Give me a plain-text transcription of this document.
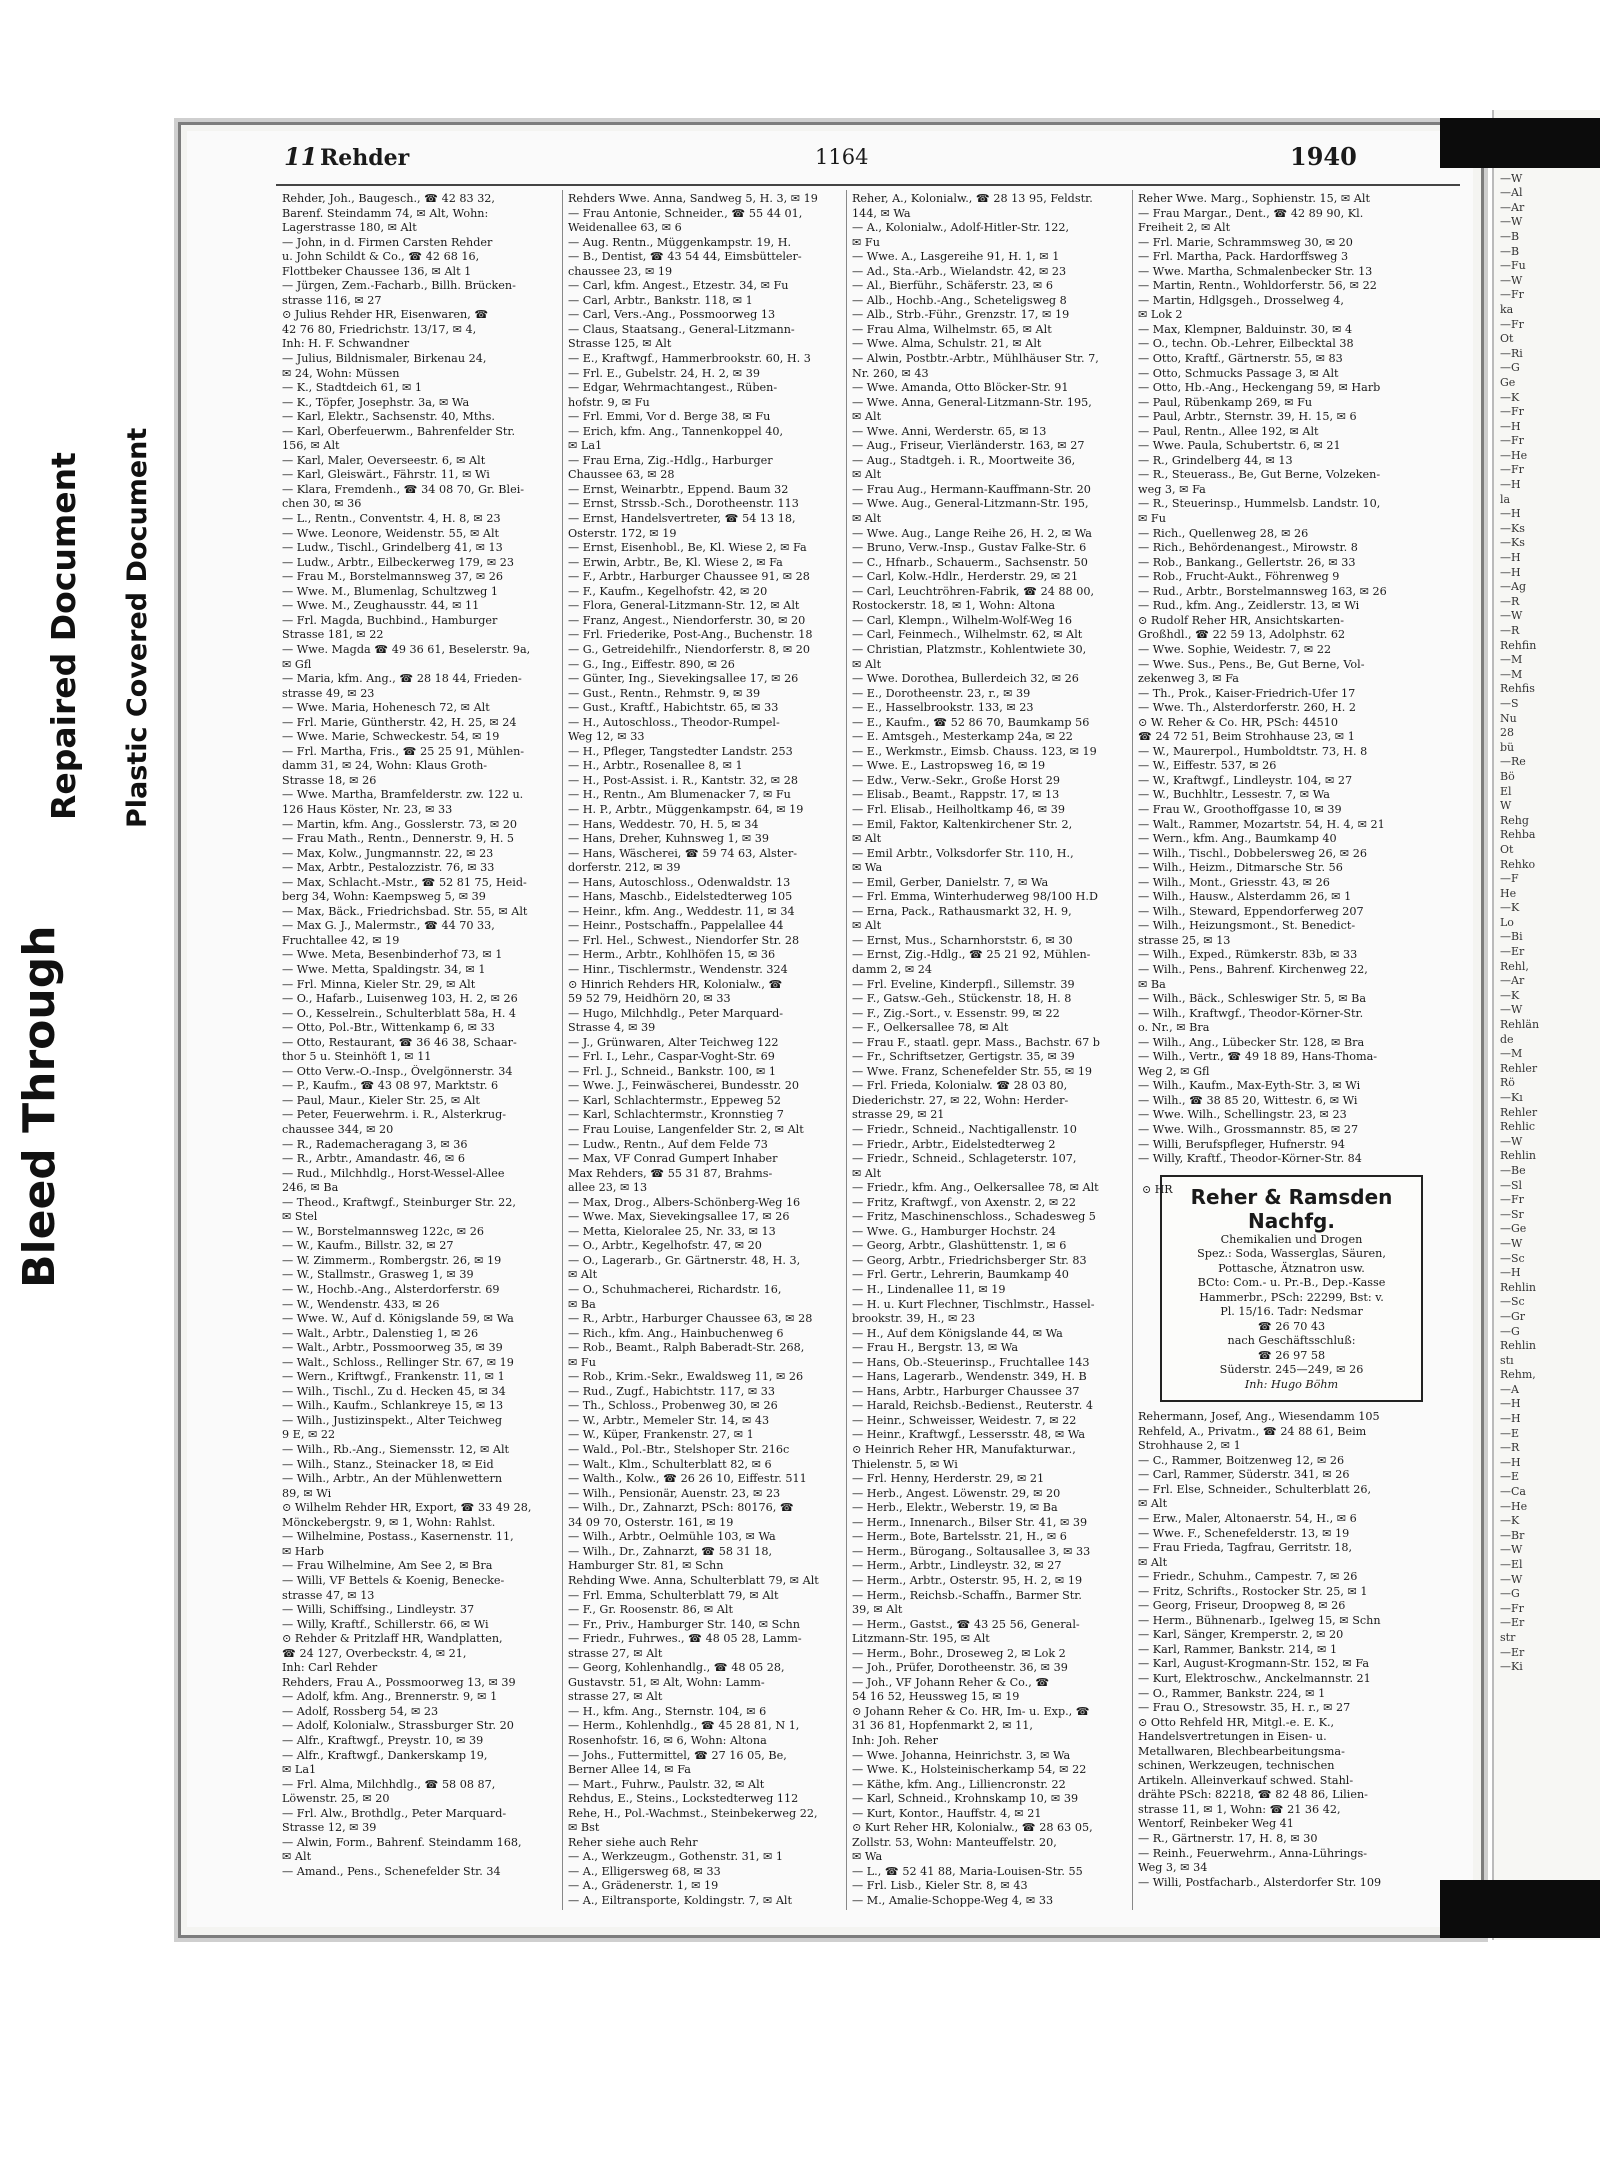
Bleed Through
Repaired Document Plastic Covered Document
—W
—Al
—Ar
—W
—B
—B
—Fu
—W
—Fr
ka
—Fr
Ot
—Ri
—G
Ge
—K
—Fr
—H
—Fr
—He
—Fr
—H
la
—H
—Ks
—Ks
—H
—H
—Ag
—R
—W
—R
Rehfin
—M
—M
Rehfis
—S
Nu
28
bü
—Re
Bö
El
W
Rehg
Rehba
Ot
Rehko
—F
He
—K
Lo
—Bi
—Er
Rehl,
—Ar
—K
—W
Rehlän
de
—M
Rehler
Rö
—Kı
Rehler
Rehlic
—W
Rehlin
—Be
—Sl
—Fr
—Sr
—Ge
—W
—Sc
—H
Rehlin
—Sc
—Gr
—G
Rehlin
stı
Rehm,
—A
—H
—H
—E
—R
—H
—E
—Ca
—He
—K
—Br
—W
—El
—W
—G
—Fr
—Er
str
—Er
—Ki
11 Rehder	1164	1940
Rehder, Joh., Baugesch., ☎ 42 83 32,
Barenf. Steindamm 74, ✉ Alt, Wohn:
Lagerstrasse 180, ✉ Alt
— John, in d. Firmen Carsten Rehder
u. John Schildt & Co., ☎ 42 68 16,
Flottbeker Chaussee 136, ✉ Alt 1
— Jürgen, Zem.-Facharb., Billh. Brücken-
strasse 116, ✉ 27
⊙ Julius Rehder HR, Eisenwaren, ☎
42 76 80, Friedrichstr. 13/17, ✉ 4,
Inh: H. F. Schwandner
— Julius, Bildnismaler, Birkenau 24,
✉ 24, Wohn: Müssen
— K., Stadtdeich 61, ✉ 1
— K., Töpfer, Josephstr. 3a, ✉ Wa
— Karl, Elektr., Sachsenstr. 40, Mths.
— Karl, Oberfeuerwm., Bahrenfelder Str.
156, ✉ Alt
— Karl, Maler, Oeverseestr. 6, ✉ Alt
— Karl, Gleiswärt., Fährstr. 11, ✉ Wi
— Klara, Fremdenh., ☎ 34 08 70, Gr. Blei-
chen 30, ✉ 36
— L., Rentn., Conventstr. 4, H. 8, ✉ 23
— Wwe. Leonore, Weidenstr. 55, ✉ Alt
— Ludw., Tischl., Grindelberg 41, ✉ 13
— Ludw., Arbtr., Eilbeckerweg 179, ✉ 23
— Frau M., Borstelmannsweg 37, ✉ 26
— Wwe. M., Blumenlag, Schultzweg 1
— Wwe. M., Zeughausstr. 44, ✉ 11
— Frl. Magda, Buchbind., Hamburger
Strasse 181, ✉ 22
— Wwe. Magda ☎ 49 36 61, Beselerstr. 9a,
✉ Gfl
— Maria, kfm. Ang., ☎ 28 18 44, Frieden-
strasse 49, ✉ 23
— Wwe. Maria, Hohenesch 72, ✉ Alt
— Frl. Marie, Güntherstr. 42, H. 25, ✉ 24
— Wwe. Marie, Schweckestr. 54, ✉ 19
— Frl. Martha, Fris., ☎ 25 25 91, Mühlen-
damm 31, ✉ 24, Wohn: Klaus Groth-
Strasse 18, ✉ 26
— Wwe. Martha, Bramfelderstr. zw. 122 u.
126 Haus Köster, Nr. 23, ✉ 33
— Martin, kfm. Ang., Gosslerstr. 73, ✉ 20
— Frau Math., Rentn., Dennerstr. 9, H. 5
— Max, Kolw., Jungmannstr. 22, ✉ 23
— Max, Arbtr., Pestalozzistr. 76, ✉ 33
— Max, Schlacht.-Mstr., ☎ 52 81 75, Heid-
berg 34, Wohn: Kaempsweg 5, ✉ 39
— Max, Bäck., Friedrichsbad. Str. 55, ✉ Alt
— Max G. J., Malermstr., ☎ 44 70 33,
Fruchtallee 42, ✉ 19
— Wwe. Meta, Besenbinderhof 73, ✉ 1
— Wwe. Metta, Spaldingstr. 34, ✉ 1
— Frl. Minna, Kieler Str. 29, ✉ Alt
— O., Hafarb., Luisenweg 103, H. 2, ✉ 26
— O., Kesselrein., Schulterblatt 58a, H. 4
— Otto, Pol.-Btr., Wittenkamp 6, ✉ 33
— Otto, Restaurant, ☎ 36 46 38, Schaar-
thor 5 u. Steinhöft 1, ✉ 11
— Otto Verw.-O.-Insp., Övelgönnerstr. 34
— P., Kaufm., ☎ 43 08 97, Marktstr. 6
— Paul, Maur., Kieler Str. 25, ✉ Alt
— Peter, Feuerwehrm. i. R., Alsterkrug-
chaussee 344, ✉ 20
— R., Rademacheragang 3, ✉ 36
— R., Arbtr., Amandastr. 46, ✉ 6
— Rud., Milchhdlg., Horst-Wessel-Allee
246, ✉ Ba
— Theod., Kraftwgf., Steinburger Str. 22,
✉ Stel
— W., Borstelmannsweg 122c, ✉ 26
— W., Kaufm., Billstr. 32, ✉ 27
— W. Zimmerm., Rombergstr. 26, ✉ 19
— W., Stallmstr., Grasweg 1, ✉ 39
— W., Hochb.-Ang., Alsterdorferstr. 69
— W., Wendenstr. 433, ✉ 26
— Wwe. W., Auf d. Königslande 59, ✉ Wa
— Walt., Arbtr., Dalenstieg 1, ✉ 26
— Walt., Arbtr., Possmoorweg 35, ✉ 39
— Walt., Schloss., Rellinger Str. 67, ✉ 19
— Wern., Kriftwgf., Frankenstr. 11, ✉ 1
— Wilh., Tischl., Zu d. Hecken 45, ✉ 34
— Wilh., Kaufm., Schlankreye 15, ✉ 13
— Wilh., Justizinspekt., Alter Teichweg
9 E, ✉ 22
— Wilh., Rb.-Ang., Siemensstr. 12, ✉ Alt
— Wilh., Stanz., Steinacker 18, ✉ Eid
— Wilh., Arbtr., An der Mühlenwettern
89, ✉ Wi
⊙ Wilhelm Rehder HR, Export, ☎ 33 49 28,
Mönckebergstr. 9, ✉ 1, Wohn: Rahlst.
— Wilhelmine, Postass., Kasernenstr. 11,
✉ Harb
— Frau Wilhelmine, Am See 2, ✉ Bra
— Willi, VF Bettels & Koenig, Benecke-
strasse 47, ✉ 13
— Willi, Schiffsing., Lindleystr. 37
— Willy, Kraftf., Schillerstr. 66, ✉ Wi
⊙ Rehder & Pritzlaff HR, Wandplatten,
☎ 24 127, Overbeckstr. 4, ✉ 21,
Inh: Carl Rehder
Rehders, Frau A., Possmoorweg 13, ✉ 39
— Adolf, kfm. Ang., Brennerstr. 9, ✉ 1
— Adolf, Rossberg 54, ✉ 23
— Adolf, Kolonialw., Strassburger Str. 20
— Alfr., Kraftwgf., Preystr. 10, ✉ 39
— Alfr., Kraftwgf., Dankerskamp 19,
✉ La1
— Frl. Alma, Milchhdlg., ☎ 58 08 87,
Löwenstr. 25, ✉ 20
— Frl. Alw., Brothdlg., Peter Marquard-
Strasse 12, ✉ 39
— Alwin, Form., Bahrenf. Steindamm 168,
✉ Alt
— Amand., Pens., Schenefelder Str. 34
Rehders Wwe. Anna, Sandweg 5, H. 3, ✉ 19
— Frau Antonie, Schneider., ☎ 55 44 01,
Weidenallee 63, ✉ 6
— Aug. Rentn., Müggenkampstr. 19, H.
— B., Dentist, ☎ 43 54 44, Eimsbütteler-
chaussee 23, ✉ 19
— Carl, kfm. Angest., Etzestr. 34, ✉ Fu
— Carl, Arbtr., Bankstr. 118, ✉ 1
— Carl, Vers.-Ang., Possmoorweg 13
— Claus, Staatsang., General-Litzmann-
Strasse 125, ✉ Alt
— E., Kraftwgf., Hammerbrookstr. 60, H. 3
— Frl. E., Gubelstr. 24, H. 2, ✉ 39
— Edgar, Wehrmachtangest., Rüben-
hofstr. 9, ✉ Fu
— Frl. Emmi, Vor d. Berge 38, ✉ Fu
— Erich, kfm. Ang., Tannenkoppel 40,
✉ La1
— Frau Erna, Zig.-Hdlg., Harburger
Chaussee 63, ✉ 28
— Ernst, Weinarbtr., Eppend. Baum 32
— Ernst, Strssb.-Sch., Dorotheenstr. 113
— Ernst, Handelsvertreter, ☎ 54 13 18,
Osterstr. 172, ✉ 19
— Ernst, Eisenhobl., Be, Kl. Wiese 2, ✉ Fa
— Erwin, Arbtr., Be, Kl. Wiese 2, ✉ Fa
— F., Arbtr., Harburger Chaussee 91, ✉ 28
— F., Kaufm., Kegelhofstr. 42, ✉ 20
— Flora, General-Litzmann-Str. 12, ✉ Alt
— Franz, Angest., Niendorferstr. 30, ✉ 20
— Frl. Friederike, Post-Ang., Buchenstr. 18
— G., Getreidehilfr., Niendorferstr. 8, ✉ 20
— G., Ing., Eiffestr. 890, ✉ 26
— Günter, Ing., Sievekingsallee 17, ✉ 26
— Gust., Rentn., Rehmstr. 9, ✉ 39
— Gust., Kraftf., Habichtstr. 65, ✉ 33
— H., Autoschloss., Theodor-Rumpel-
Weg 12, ✉ 33
— H., Pfleger, Tangstedter Landstr. 253
— H., Arbtr., Rosenallee 8, ✉ 1
— H., Post-Assist. i. R., Kantstr. 32, ✉ 28
— H., Rentn., Am Blumenacker 7, ✉ Fu
— H. P., Arbtr., Müggenkampstr. 64, ✉ 19
— Hans, Weddestr. 70, H. 5, ✉ 34
— Hans, Dreher, Kuhnsweg 1, ✉ 39
— Hans, Wäscherei, ☎ 59 74 63, Alster-
dorferstr. 212, ✉ 39
— Hans, Autoschloss., Odenwaldstr. 13
— Hans, Maschb., Eidelstedterweg 105
— Heinr., kfm. Ang., Weddestr. 11, ✉ 34
— Heinr., Postschaffn., Pappelallee 44
— Frl. Hel., Schwest., Niendorfer Str. 28
— Herm., Arbtr., Kohlhöfen 15, ✉ 36
— Hinr., Tischlermstr., Wendenstr. 324
⊙ Hinrich Rehders HR, Kolonialw., ☎
59 52 79, Heidhörn 20, ✉ 33
— Hugo, Milchhdlg., Peter Marquard-
Strasse 4, ✉ 39
— J., Grünwaren, Alter Teichweg 122
— Frl. I., Lehr., Caspar-Voght-Str. 69
— Frl. J., Schneid., Bankstr. 100, ✉ 1
— Wwe. J., Feinwäscherei, Bundesstr. 20
— Karl, Schlachtermstr., Eppeweg 52
— Karl, Schlachtermstr., Kronnstieg 7
— Frau Louise, Langenfelder Str. 2, ✉ Alt
— Ludw., Rentn., Auf dem Felde 73
— Max, VF Conrad Gumpert Inhaber
Max Rehders, ☎ 55 31 87, Brahms-
allee 23, ✉ 13
— Max, Drog., Albers-Schönberg-Weg 16
— Wwe. Max, Sievekingsallee 17, ✉ 26
— Metta, Kieloralee 25, Nr. 33, ✉ 13
— O., Arbtr., Kegelhofstr. 47, ✉ 20
— O., Lagerarb., Gr. Gärtnerstr. 48, H. 3,
✉ Alt
— O., Schuhmacherei, Richardstr. 16,
✉ Ba
— R., Arbtr., Harburger Chaussee 63, ✉ 28
— Rich., kfm. Ang., Hainbuchenweg 6
— Rob., Beamt., Ralph Baberadt-Str. 268,
✉ Fu
— Rob., Krim.-Sekr., Ewaldsweg 11, ✉ 26
— Rud., Zugf., Habichtstr. 117, ✉ 33
— Th., Schloss., Probenweg 30, ✉ 26
— W., Arbtr., Memeler Str. 14, ✉ 43
— W., Küper, Frankenstr. 27, ✉ 1
— Wald., Pol.-Btr., Stelshoper Str. 216c
— Walt., Klm., Schulterblatt 82, ✉ 6
— Walth., Kolw., ☎ 26 26 10, Eiffestr. 511
— Wilh., Pensionär, Auenstr. 23, ✉ 23
— Wilh., Dr., Zahnarzt, PSch: 80176, ☎
34 09 70, Osterstr. 161, ✉ 19
— Wilh., Arbtr., Oelmühle 103, ✉ Wa
— Wilh., Dr., Zahnarzt, ☎ 58 31 18,
Hamburger Str. 81, ✉ Schn
Rehding Wwe. Anna, Schulterblatt 79, ✉ Alt
— Frl. Emma, Schulterblatt 79, ✉ Alt
— F., Gr. Roosenstr. 86, ✉ Alt
— Fr., Priv., Hamburger Str. 140, ✉ Schn
— Friedr., Fuhrwes., ☎ 48 05 28, Lamm-
strasse 27, ✉ Alt
— Georg, Kohlenhandlg., ☎ 48 05 28,
Gustavstr. 51, ✉ Alt, Wohn: Lamm-
strasse 27, ✉ Alt
— H., kfm. Ang., Sternstr. 104, ✉ 6
— Herm., Kohlenhdlg., ☎ 45 28 81, N 1,
Rosenhofstr. 16, ✉ 6, Wohn: Altona
— Johs., Futtermittel, ☎ 27 16 05, Be,
Berner Allee 14, ✉ Fa
— Mart., Fuhrw., Paulstr. 32, ✉ Alt
Rehdus, E., Steins., Lockstedterweg 112
Rehe, H., Pol.-Wachmst., Steinbekerweg 22,
✉ Bst
Reher siehe auch Rehr
— A., Werkzeugm., Gothenstr. 31, ✉ 1
— A., Elligersweg 68, ✉ 33
— A., Grädenerstr. 1, ✉ 19
— A., Eiltransporte, Koldingstr. 7, ✉ Alt
Reher, A., Kolonialw., ☎ 28 13 95, Feldstr.
144, ✉ Wa
— A., Kolonialw., Adolf-Hitler-Str. 122,
✉ Fu
— Wwe. A., Lasgereihe 91, H. 1, ✉ 1
— Ad., Sta.-Arb., Wielandstr. 42, ✉ 23
— Al., Bierführ., Schäferstr. 23, ✉ 6
— Alb., Hochb.-Ang., Scheteligsweg 8
— Alb., Strb.-Führ., Grenzstr. 17, ✉ 19
— Frau Alma, Wilhelmstr. 65, ✉ Alt
— Wwe. Alma, Schulstr. 21, ✉ Alt
— Alwin, Postbtr.-Arbtr., Mühlhäuser Str. 7,
Nr. 260, ✉ 43
— Wwe. Amanda, Otto Blöcker-Str. 91
— Wwe. Anna, General-Litzmann-Str. 195,
✉ Alt
— Wwe. Anni, Werderstr. 65, ✉ 13
— Aug., Friseur, Vierländerstr. 163, ✉ 27
— Aug., Stadtgeh. i. R., Moortweite 36,
✉ Alt
— Frau Aug., Hermann-Kauffmann-Str. 20
— Wwe. Aug., General-Litzmann-Str. 195,
✉ Alt
— Wwe. Aug., Lange Reihe 26, H. 2, ✉ Wa
— Bruno, Verw.-Insp., Gustav Falke-Str. 6
— C., Hfnarb., Schauerm., Sachsenstr. 50
— Carl, Kolw.-Hdlr., Herderstr. 29, ✉ 21
— Carl, Leuchtröhren-Fabrik, ☎ 24 88 00,
Rostockerstr. 18, ✉ 1, Wohn: Altona
— Carl, Klempn., Wilhelm-Wolf-Weg 16
— Carl, Feinmech., Wilhelmstr. 62, ✉ Alt
— Christian, Platzmstr., Kohlentwiete 30,
✉ Alt
— Wwe. Dorothea, Bullerdeich 32, ✉ 26
— E., Dorotheenstr. 23, r., ✉ 39
— E., Hasselbrookstr. 133, ✉ 23
— E., Kaufm., ☎ 52 86 70, Baumkamp 56
— E. Amtsgeh., Mesterkamp 24a, ✉ 22
— E., Werkmstr., Eimsb. Chauss. 123, ✉ 19
— Wwe. E., Lastropsweg 16, ✉ 19
— Edw., Verw.-Sekr., Große Horst 29
— Elisab., Beamt., Rappstr. 17, ✉ 13
— Frl. Elisab., Heilholtkamp 46, ✉ 39
— Emil, Faktor, Kaltenkirchener Str. 2,
✉ Alt
— Emil Arbtr., Volksdorfer Str. 110, H.,
✉ Wa
— Emil, Gerber, Danielstr. 7, ✉ Wa
— Frl. Emma, Winterhuderweg 98/100 H.D
— Erna, Pack., Rathausmarkt 32, H. 9,
✉ Alt
— Ernst, Mus., Scharnhorststr. 6, ✉ 30
— Ernst, Zig.-Hdlg., ☎ 25 21 92, Mühlen-
damm 2, ✉ 24
— Frl. Eveline, Kinderpfl., Sillemstr. 39
— F., Gatsw.-Geh., Stückenstr. 18, H. 8
— F., Zig.-Sort., v. Essenstr. 99, ✉ 22
— F., Oelkersallee 78, ✉ Alt
— Frau F., staatl. gepr. Mass., Bachstr. 67 b
— Fr., Schriftsetzer, Gertigstr. 35, ✉ 39
— Wwe. Franz, Schenefelder Str. 55, ✉ 19
— Frl. Frieda, Kolonialw. ☎ 28 03 80,
Diederichstr. 27, ✉ 22, Wohn: Herder-
strasse 29, ✉ 21
— Friedr., Schneid., Nachtigallenstr. 10
— Friedr., Arbtr., Eidelstedterweg 2
— Friedr., Schneid., Schlageterstr. 107,
✉ Alt
— Friedr., kfm. Ang., Oelkersallee 78, ✉ Alt
— Fritz, Kraftwgf., von Axenstr. 2, ✉ 22
— Fritz, Maschinenschloss., Schadesweg 5
— Wwe. G., Hamburger Hochstr. 24
— Georg, Arbtr., Glashüttenstr. 1, ✉ 6
— Georg, Arbtr., Friedrichsberger Str. 83
— Frl. Gertr., Lehrerin, Baumkamp 40
— H., Lindenallee 11, ✉ 19
— H. u. Kurt Flechner, Tischlmstr., Hassel-
brookstr. 39, H., ✉ 23
— H., Auf dem Königslande 44, ✉ Wa
— Frau H., Bergstr. 13, ✉ Wa
— Hans, Ob.-Steuerinsp., Fruchtallee 143
— Hans, Lagerarb., Wendenstr. 349, H. B
— Hans, Arbtr., Harburger Chaussee 37
— Harald, Reichsb.-Bedienst., Reuterstr. 4
— Heinr., Schweisser, Weidestr. 7, ✉ 22
— Heinr., Kraftwgf., Lessersstr. 48, ✉ Wa
⊙ Heinrich Reher HR, Manufakturwar.,
Thielenstr. 5, ✉ Wi
— Frl. Henny, Herderstr. 29, ✉ 21
— Herb., Angest. Löwenstr. 29, ✉ 20
— Herb., Elektr., Weberstr. 19, ✉ Ba
— Herm., Innenarch., Bilser Str. 41, ✉ 39
— Herm., Bote, Bartelsstr. 21, H., ✉ 6
— Herm., Bürogang., Soltausallee 3, ✉ 33
— Herm., Arbtr., Lindleystr. 32, ✉ 27
— Herm., Arbtr., Osterstr. 95, H. 2, ✉ 19
— Herm., Reichsb.-Schaffn., Barmer Str.
39, ✉ Alt
— Herm., Gastst., ☎ 43 25 56, General-
Litzmann-Str. 195, ✉ Alt
— Herm., Bohr., Droseweg 2, ✉ Lok 2
— Joh., Prüfer, Dorotheenstr. 36, ✉ 39
— Joh., VF Johann Reher & Co., ☎
54 16 52, Heussweg 15, ✉ 19
⊙ Johann Reher & Co. HR, Im- u. Exp., ☎
31 36 81, Hopfenmarkt 2, ✉ 11,
Inh: Joh. Reher
— Wwe. Johanna, Heinrichstr. 3, ✉ Wa
— Wwe. K., Holsteinischerkamp 54, ✉ 22
— Käthe, kfm. Ang., Lilliencronstr. 22
— Karl, Schneid., Krohnskamp 10, ✉ 39
— Kurt, Kontor., Hauffstr. 4, ✉ 21
⊙ Kurt Reher HR, Kolonialw., ☎ 28 63 05,
Zollstr. 53, Wohn: Manteuffelstr. 20,
✉ Wa
— L., ☎ 52 41 88, Maria-Louisen-Str. 55
— Frl. Lisb., Kieler Str. 8, ✉ 43
— M., Amalie-Schoppe-Weg 4, ✉ 33
Reher Wwe. Marg., Sophienstr. 15, ✉ Alt
— Frau Margar., Dent., ☎ 42 89 90, Kl.
Freiheit 2, ✉ Alt
— Frl. Marie, Schrammsweg 30, ✉ 20
— Frl. Martha, Pack. Hardorffsweg 3
— Wwe. Martha, Schmalenbecker Str. 13
— Martin, Rentn., Wohldorferstr. 56, ✉ 22
— Martin, Hdlgsgeh., Drosselweg 4,
✉ Lok 2
— Max, Klempner, Balduinstr. 30, ✉ 4
— O., techn. Ob.-Lehrer, Eilbecktal 38
— Otto, Kraftf., Gärtnerstr. 55, ✉ 83
— Otto, Schmucks Passage 3, ✉ Alt
— Otto, Hb.-Ang., Heckengang 59, ✉ Harb
— Paul, Rübenkamp 269, ✉ Fu
— Paul, Arbtr., Sternstr. 39, H. 15, ✉ 6
— Paul, Rentn., Allee 192, ✉ Alt
— Wwe. Paula, Schubertstr. 6, ✉ 21
— R., Grindelberg 44, ✉ 13
— R., Steuerass., Be, Gut Berne, Volzeken-
weg 3, ✉ Fa
— R., Steuerinsp., Hummelsb. Landstr. 10,
✉ Fu
— Rich., Quellenweg 28, ✉ 26
— Rich., Behördenangest., Mirowstr. 8
— Rob., Bankang., Gellertstr. 26, ✉ 33
— Rob., Frucht-Aukt., Föhrenweg 9
— Rud., Arbtr., Borstelmannsweg 163, ✉ 26
— Rud., kfm. Ang., Zeidlerstr. 13, ✉ Wi
⊙ Rudolf Reher HR, Ansichtskarten-
Großhdl., ☎ 22 59 13, Adolphstr. 62
— Wwe. Sophie, Weidestr. 7, ✉ 22
— Wwe. Sus., Pens., Be, Gut Berne, Vol-
zekenweg 3, ✉ Fa
— Th., Prok., Kaiser-Friedrich-Ufer 17
— Wwe. Th., Alsterdorferstr. 260, H. 2
⊙ W. Reher & Co. HR, PSch: 44510
☎ 24 72 51, Beim Strohhause 23, ✉ 1
— W., Maurerpol., Humboldtstr. 73, H. 8
— W., Eiffestr. 537, ✉ 26
— W., Kraftwgf., Lindleystr. 104, ✉ 27
— W., Buchhltr., Lessestr. 7, ✉ Wa
— Frau W., Groothoffgasse 10, ✉ 39
— Walt., Rammer, Mozartstr. 54, H. 4, ✉ 21
— Wern., kfm. Ang., Baumkamp 40
— Wilh., Tischl., Dobbelersweg 26, ✉ 26
— Wilh., Heizm., Ditmarsche Str. 56
— Wilh., Mont., Griesstr. 43, ✉ 26
— Wilh., Hausw., Alsterdamm 26, ✉ 1
— Wilh., Steward, Eppendorferweg 207
— Wilh., Heizungsmont., St. Benedict-
strasse 25, ✉ 13
— Wilh., Exped., Rümkerstr. 83b, ✉ 33
— Wilh., Pens., Bahrenf. Kirchenweg 22,
✉ Ba
— Wilh., Bäck., Schleswiger Str. 5, ✉ Ba
— Wilh., Kraftwgf., Theodor-Körner-Str.
o. Nr., ✉ Bra
— Wilh., Ang., Lübecker Str. 128, ✉ Bra
— Wilh., Vertr., ☎ 49 18 89, Hans-Thoma-
Weg 2, ✉ Gfl
— Wilh., Kaufm., Max-Eyth-Str. 3, ✉ Wi
— Wilh., ☎ 38 85 20, Wittestr. 6, ✉ Wi
— Wwe. Wilh., Schellingstr. 23, ✉ 23
— Wwe. Wilh., Grossmannstr. 85, ✉ 27
— Willi, Berufspfleger, Hufnerstr. 94
— Willy, Kraftf., Theodor-Körner-Str. 84
⊙ HR Reher & Ramsden
Nachfg.
Chemikalien und Drogen
Spez.: Soda, Wasserglas, Säuren,
Pottasche, Ätznatron usw.
BCto: Com.- u. Pr.-B., Dep.-Kasse
Hammerbr., PSch: 22299, Bst: v.
Pl. 15/16. Tadr: Nedsmar
☎ 26 70 43
nach Geschäftsschluß:
☎ 26 97 58
Süderstr. 245—249, ✉ 26
Inh: Hugo Böhm
Rehermann, Josef, Ang., Wiesendamm 105
Rehfeld, A., Privatm., ☎ 24 88 61, Beim
Strohhause 2, ✉ 1
— C., Rammer, Boitzenweg 12, ✉ 26
— Carl, Rammer, Süderstr. 341, ✉ 26
— Frl. Else, Schneider., Schulterblatt 26,
✉ Alt
— Erw., Maler, Altonaerstr. 54, H., ✉ 6
— Wwe. F., Schenefelderstr. 13, ✉ 19
— Frau Frieda, Tagfrau, Gerritstr. 18,
✉ Alt
— Friedr., Schuhm., Campestr. 7, ✉ 26
— Fritz, Schrifts., Rostocker Str. 25, ✉ 1
— Georg, Friseur, Droopweg 8, ✉ 26
— Herm., Bühnenarb., Igelweg 15, ✉ Schn
— Karl, Sänger, Kremperstr. 2, ✉ 20
— Karl, Rammer, Bankstr. 214, ✉ 1
— Karl, August-Krogmann-Str. 152, ✉ Fa
— Kurt, Elektroschw., Anckelmannstr. 21
— O., Rammer, Bankstr. 224, ✉ 1
— Frau O., Stresowstr. 35, H. r., ✉ 27
⊙ Otto Rehfeld HR, Mitgl.-e. E. K.,
Handelsvertretungen in Eisen- u.
Metallwaren, Blechbearbeitungsma-
schinen, Werkzeugen, technischen
Artikeln. Alleinverkauf schwed. Stahl-
drähte PSch: 82218, ☎ 82 48 86, Lilien-
strasse 11, ✉ 1, Wohn: ☎ 21 36 42,
Wentorf, Reinbeker Weg 41
— R., Gärtnerstr. 17, H. 8, ✉ 30
— Reinh., Feuerwehrm., Anna-Lührings-
Weg 3, ✉ 34
— Willi, Postfacharb., Alsterdorfer Str. 109
